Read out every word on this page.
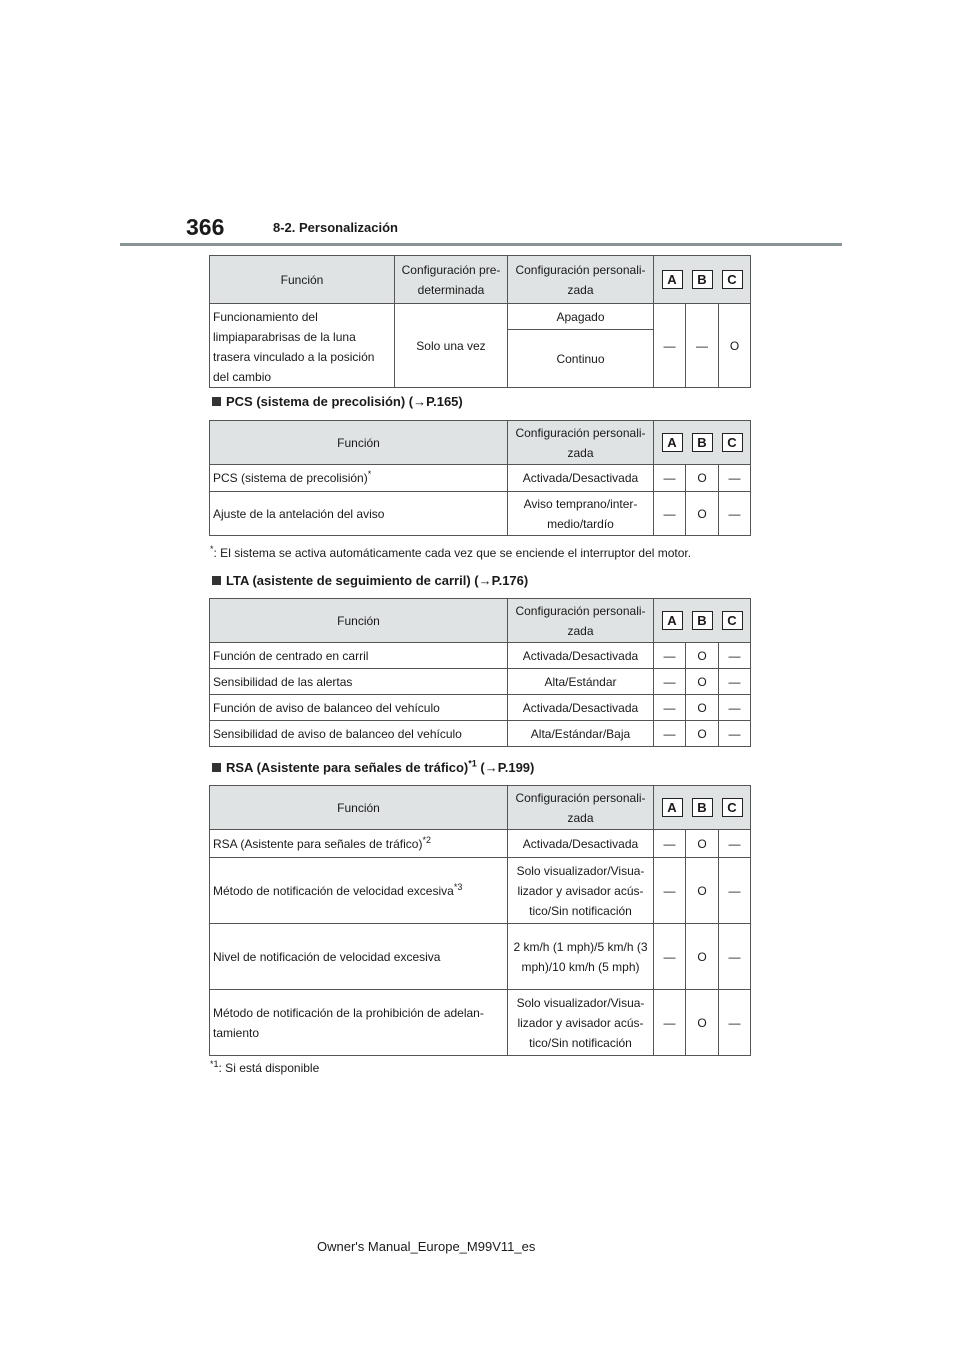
366	8-2. Personalización
Función	Configuración pre-determinada	Configuración personali-zada	A B C		

Funcionamiento del limpiaparabrisas de la luna trasera vinculado a la posición del cambio	Solo una vez	Apagado	—	—	O
		Continuo			
PCS (sistema de precolisión) (→P.165)
Función	Configuración personali-zada	A B C		

PCS (sistema de precolisión)*	Activada/Desactivada	—	O	—
Ajuste de la antelación del aviso	Aviso temprano/inter-medio/tardío	—	O	—
*: El sistema se activa automáticamente cada vez que se enciende el interruptor del motor.
LTA (asistente de seguimiento de carril) (→P.176)
Función	Configuración personali-zada	A B C		

Función de centrado en carril	Activada/Desactivada	—	O	—
Sensibilidad de las alertas	Alta/Estándar	—	O	—
Función de aviso de balanceo del vehículo	Activada/Desactivada	—	O	—
Sensibilidad de aviso de balanceo del vehículo	Alta/Estándar/Baja	—	O	—
RSA (Asistente para señales de tráfico)$^{*1}$ (→P.199)
Función	Configuración personali-zada	A B C		

RSA (Asistente para señales de tráfico)$^{*2}$	Activada/Desactivada	—	O	—
Método de notificación de velocidad excesiva$^{*3}$	Solo visualizador/Visua-lizador y avisador acús-tico/Sin notificación	—	O	—
Nivel de notificación de velocidad excesiva	2 km/h (1 mph)/5 km/h (3 mph)/10 km/h (5 mph)	—	O	—
Método de notificación de la prohibición de adelan-tamiento	Solo visualizador/Visua-lizador y avisador acús-tico/Sin notificación	—	O	—
$^{*1}$: Si está disponible
Owner's Manual_Europe_M99V11_es
